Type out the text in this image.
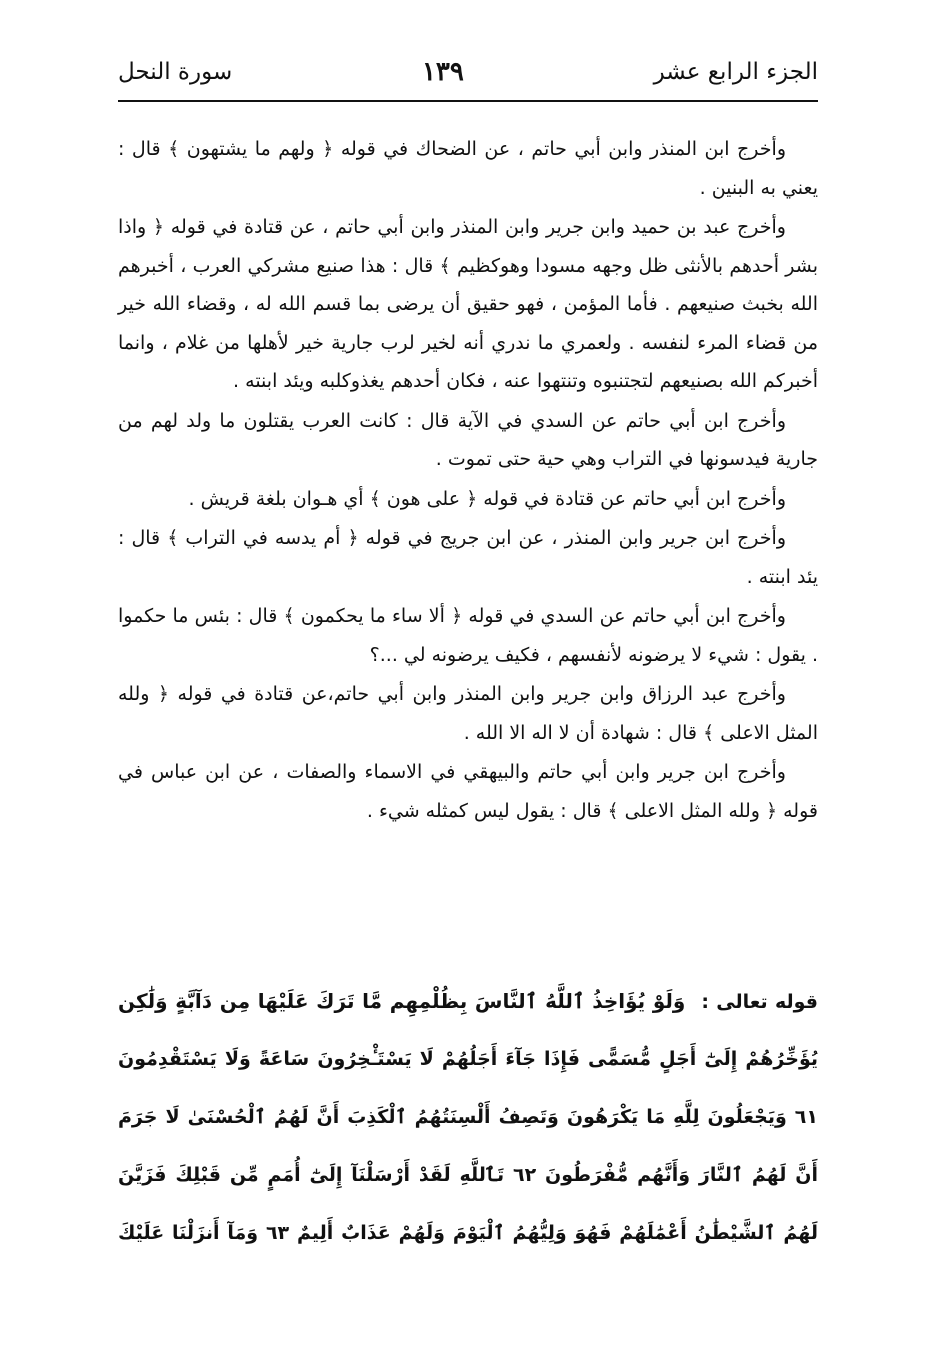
الجزء الرابع عشر
١٣٩
سورة النحل

وأخرج ابن المنذر وابن أبي حاتم ، عن الضحاك في قوله ﴿ ولهم ما يشتهون ﴾ قال : يعني به البنين .

وأخرج عبد بن حميد وابن جرير وابن المنذر وابن أبي حاتم ، عن قتادة في قوله ﴿ واذا بشر أحدهم بالأنثى ظل وجهه مسودا وهوكظيم ﴾ قال : هذا صنيع مشركي العرب ، أخبرهم الله بخبث صنيعهم . فأما المؤمن ، فهو حقيق أن يرضى بما قسم الله له ، وقضاء الله خير من قضاء المرء لنفسه . ولعمري ما ندري أنه لخير لرب جارية خير لأهلها من غلام ، وانما أخبركم الله بصنيعهم لتجتنبوه وتنتهوا عنه ، فكان أحدهم يغذوكلبه ويئد ابنته .

وأخرج ابن أبي حاتم عن السدي في الآية قال : كانت العرب يقتلون ما ولد لهم من جارية فيدسونها في التراب وهي حية حتى تموت .

وأخرج ابن أبي حاتم عن قتادة في قوله ﴿ على هون ﴾ أي هـوان بلغة قريش .

وأخرج ابن جرير وابن المنذر ، عن ابن جريج في قوله ﴿ أم يدسه في التراب ﴾ قال : يئد ابنته .

وأخرج ابن أبي حاتم عن السدي في قوله ﴿ ألا ساء ما يحكمون ﴾ قال : بئس ما حكموا . يقول : شيء لا يرضونه لأنفسهم ، فكيف يرضونه لي ...؟

وأخرج عبد الرزاق وابن جرير وابن المنذر وابن أبي حاتم،عن قتادة في قوله ﴿ ولله المثل الاعلى ﴾ قال : شهادة أن لا اله الا الله .

وأخرج ابن جرير وابن أبي حاتم والبيهقي في الاسماء والصفات ، عن ابن عباس في قوله ﴿ ولله المثل الاعلى ﴾ قال : يقول ليس كمثله شيء .

قوله تعالى :وَلَوْ يُؤَاخِذُ ٱللَّهُ ٱلنَّاسَ بِظُلْمِهِم مَّا تَرَكَ عَلَيْهَا مِن دَآبَّةٍ وَلَٰكِن
يُؤَخِّرُهُمْ إِلَىٰٓ أَجَلٍ مُّسَمًّى فَإِذَا جَآءَ أَجَلُهُمْ لَا يَسْتَـْٔخِرُونَ سَاعَةً وَلَا يَسْتَقْدِمُونَ
٦١ وَيَجْعَلُونَ لِلَّهِ مَا يَكْرَهُونَ وَتَصِفُ أَلْسِنَتُهُمُ ٱلْكَذِبَ أَنَّ لَهُمُ ٱلْحُسْنَىٰ لَا جَرَمَ
أَنَّ لَهُمُ ٱلنَّارَ وَأَنَّهُم مُّفْرَطُونَ ٦٢ تَٱللَّهِ لَقَدْ أَرْسَلْنَآ إِلَىٰٓ أُمَمٍ مِّن قَبْلِكَ فَزَيَّنَ
لَهُمُ ٱلشَّيْطَٰنُ أَعْمَٰلَهُمْ فَهُوَ وَلِيُّهُمُ ٱلْيَوْمَ وَلَهُمْ عَذَابٌ أَلِيمٌ ٦٣ وَمَآ أَنزَلْنَا عَلَيْكَ
